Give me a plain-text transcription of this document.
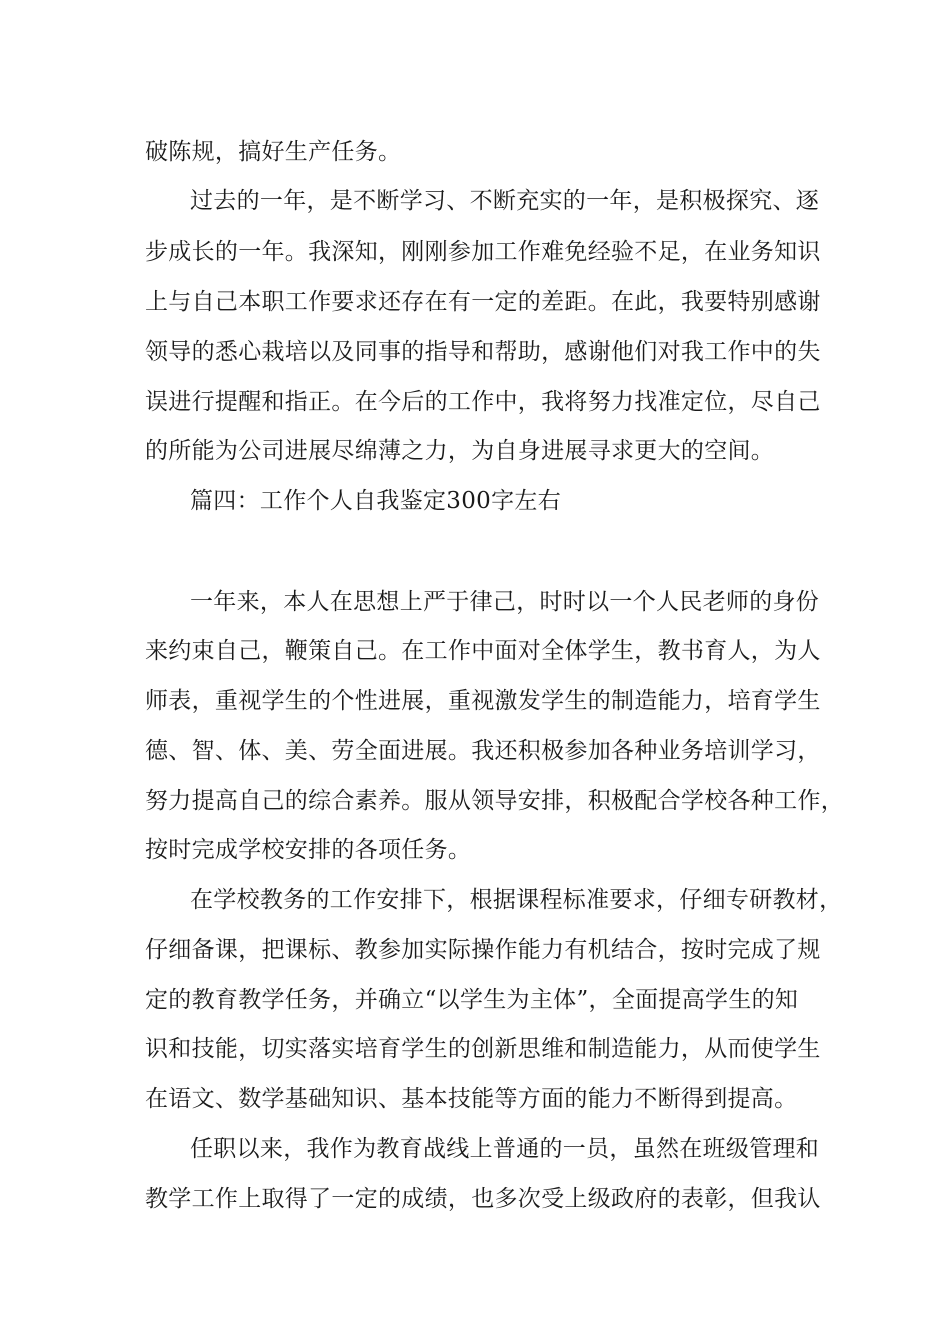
破陈规，搞好生产任务。
过去的一年，是不断学习、不断充实的一年，是积极探究、逐
步成长的一年。我深知，刚刚参加工作难免经验不足，在业务知识
上与自己本职工作要求还存在有一定的差距。在此，我要特别感谢
领导的悉心栽培以及同事的指导和帮助，感谢他们对我工作中的失
误进行提醒和指正。在今后的工作中，我将努力找准定位，尽自己
的所能为公司进展尽绵薄之力，为自身进展寻求更大的空间。
篇四：工作个人自我鉴定300字左右
一年来，本人在思想上严于律己，时时以一个人民老师的身份
来约束自己，鞭策自己。在工作中面对全体学生，教书育人，为人
师表，重视学生的个性进展，重视激发学生的制造能力，培育学生
德、智、体、美、劳全面进展。我还积极参加各种业务培训学习，
努力提高自己的综合素养。服从领导安排，积极配合学校各种工作，
按时完成学校安排的各项任务。
在学校教务的工作安排下，根据课程标准要求，仔细专研教材，
仔细备课，把课标、教参加实际操作能力有机结合，按时完成了规
定的教育教学任务，并确立“以学生为主体”，全面提高学生的知
识和技能，切实落实培育学生的创新思维和制造能力，从而使学生
在语文、数学基础知识、基本技能等方面的能力不断得到提高。
任职以来，我作为教育战线上普通的一员，虽然在班级管理和
教学工作上取得了一定的成绩，也多次受上级政府的表彰，但我认
